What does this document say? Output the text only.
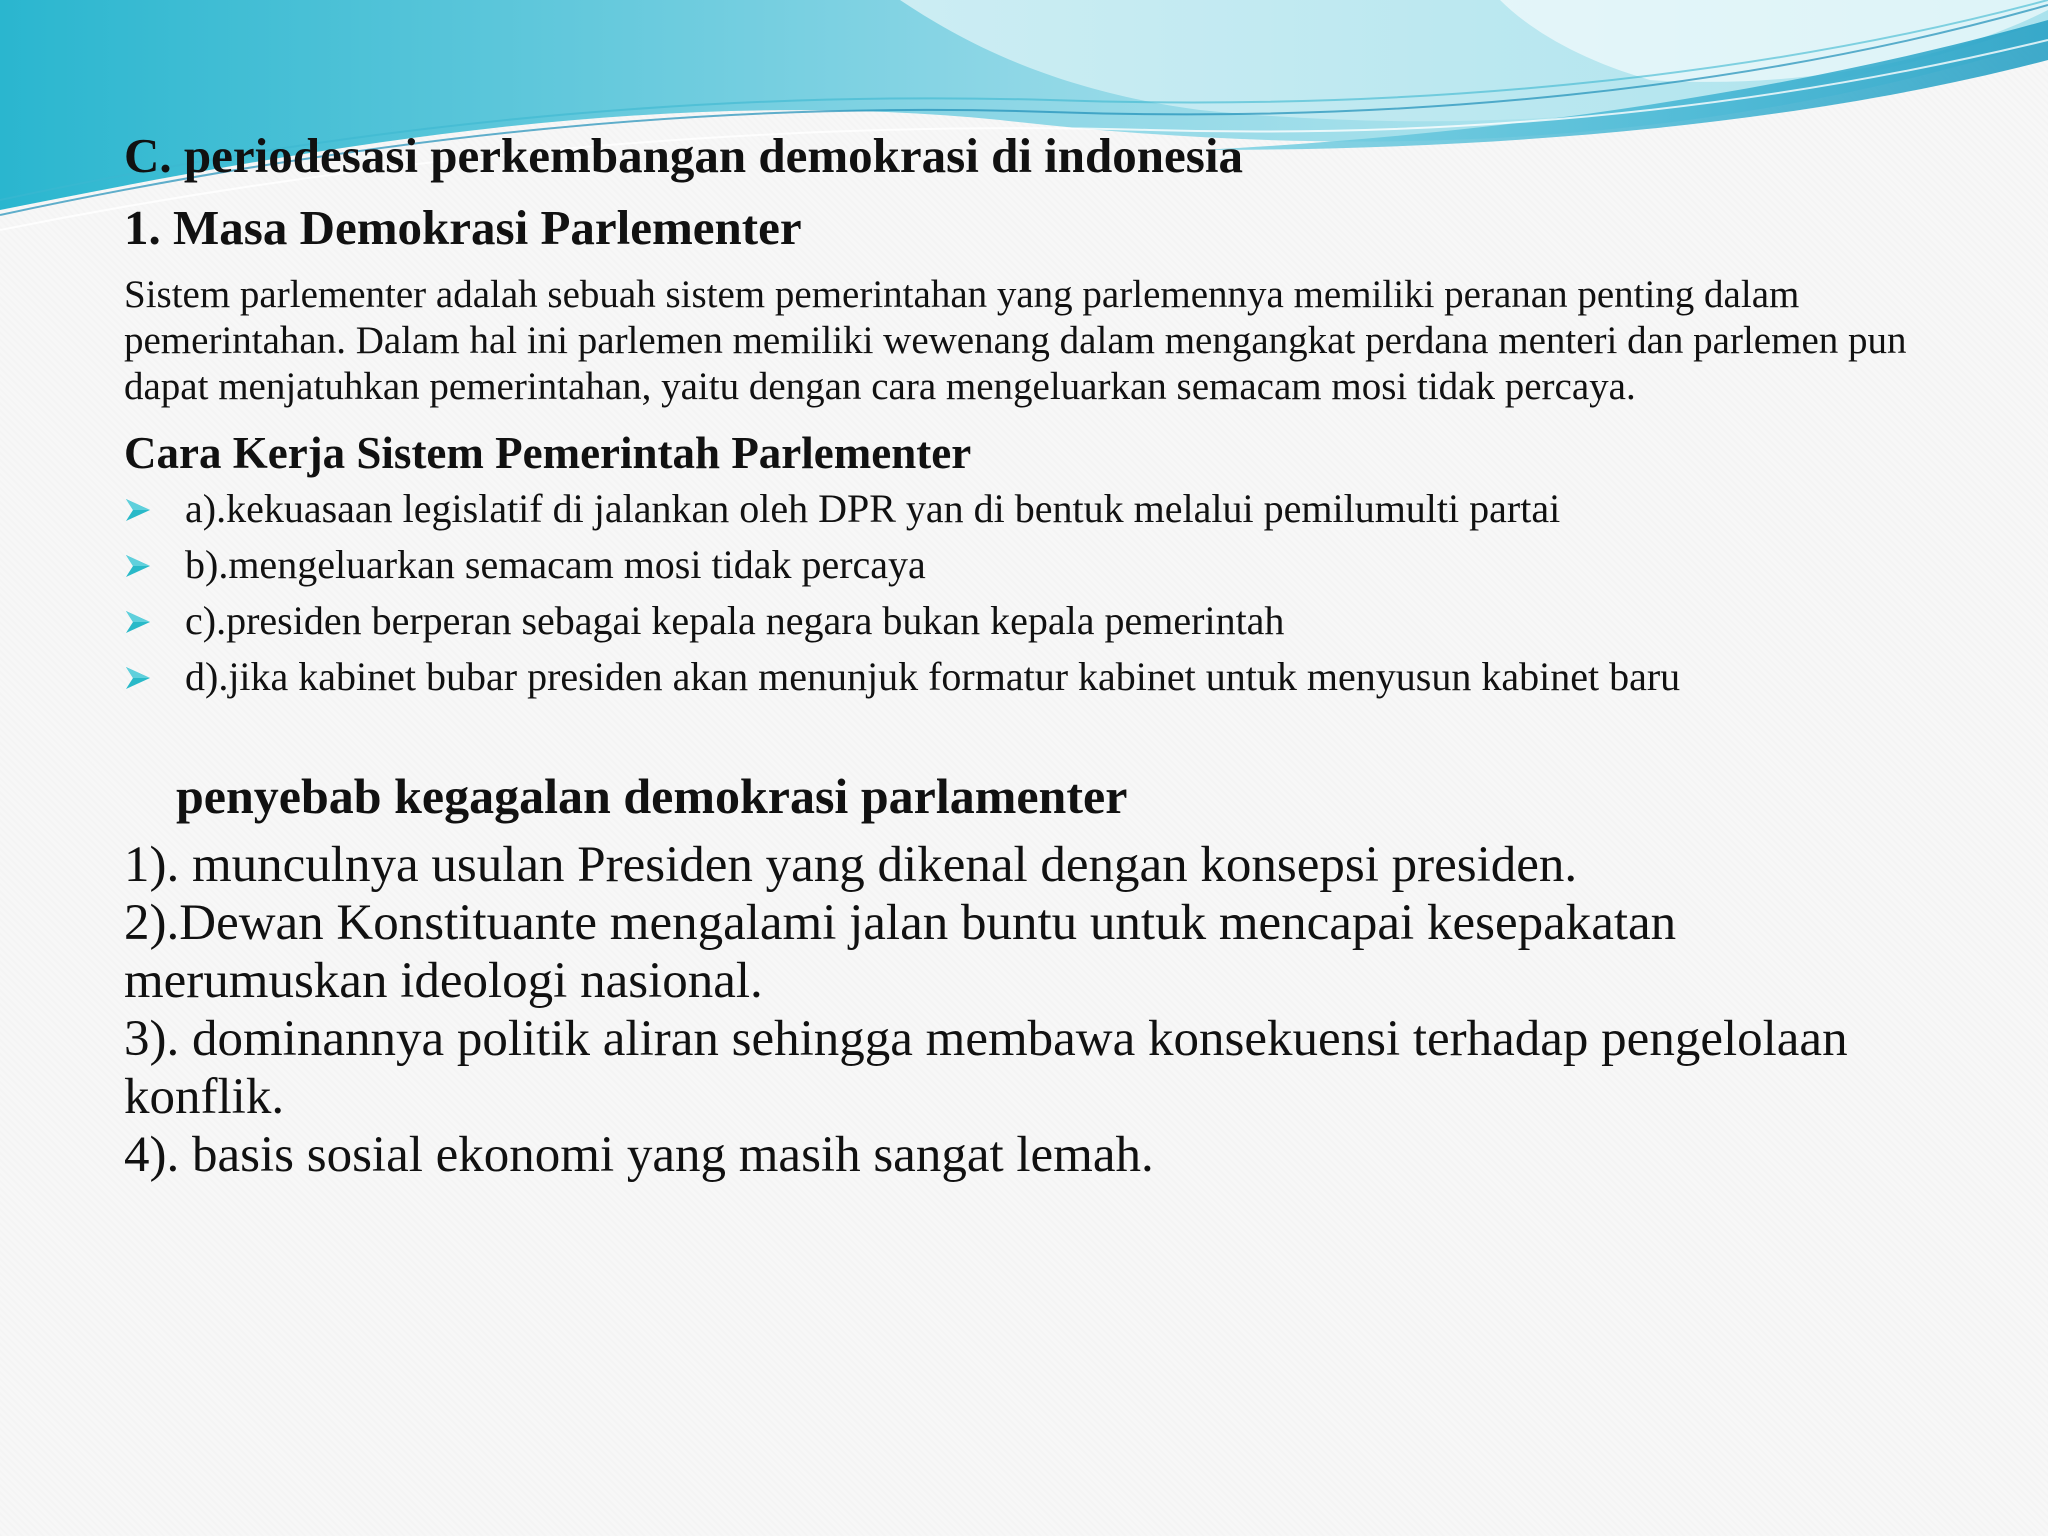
C. periodesasi perkembangan demokrasi di indonesia
1. Masa Demokrasi Parlementer

Sistem parlementer adalah sebuah sistem pemerintahan yang parlemennya memiliki peranan penting dalam pemerintahan. Dalam hal ini parlemen memiliki wewenang dalam mengangkat perdana menteri dan parlemen pun dapat menjatuhkan pemerintahan, yaitu dengan cara mengeluarkan semacam mosi tidak percaya.

Cara Kerja Sistem Pemerintah Parlementer
a).kekuasaan legislatif di jalankan oleh DPR yan di bentuk melalui pemilumulti partai
b).mengeluarkan semacam mosi tidak percaya
c).presiden berperan sebagai kepala negara bukan kepala pemerintah
d).jika kabinet bubar presiden akan menunjuk formatur kabinet untuk menyusun kabinet baru
penyebab kegagalan demokrasi parlamenter
1). munculnya usulan Presiden yang dikenal dengan konsepsi presiden.
2).Dewan Konstituante mengalami jalan buntu untuk mencapai kesepakatan merumuskan ideologi nasional.
3). dominannya politik aliran sehingga membawa konsekuensi terhadap pengelolaan konflik.
4). basis sosial ekonomi yang masih sangat lemah.
